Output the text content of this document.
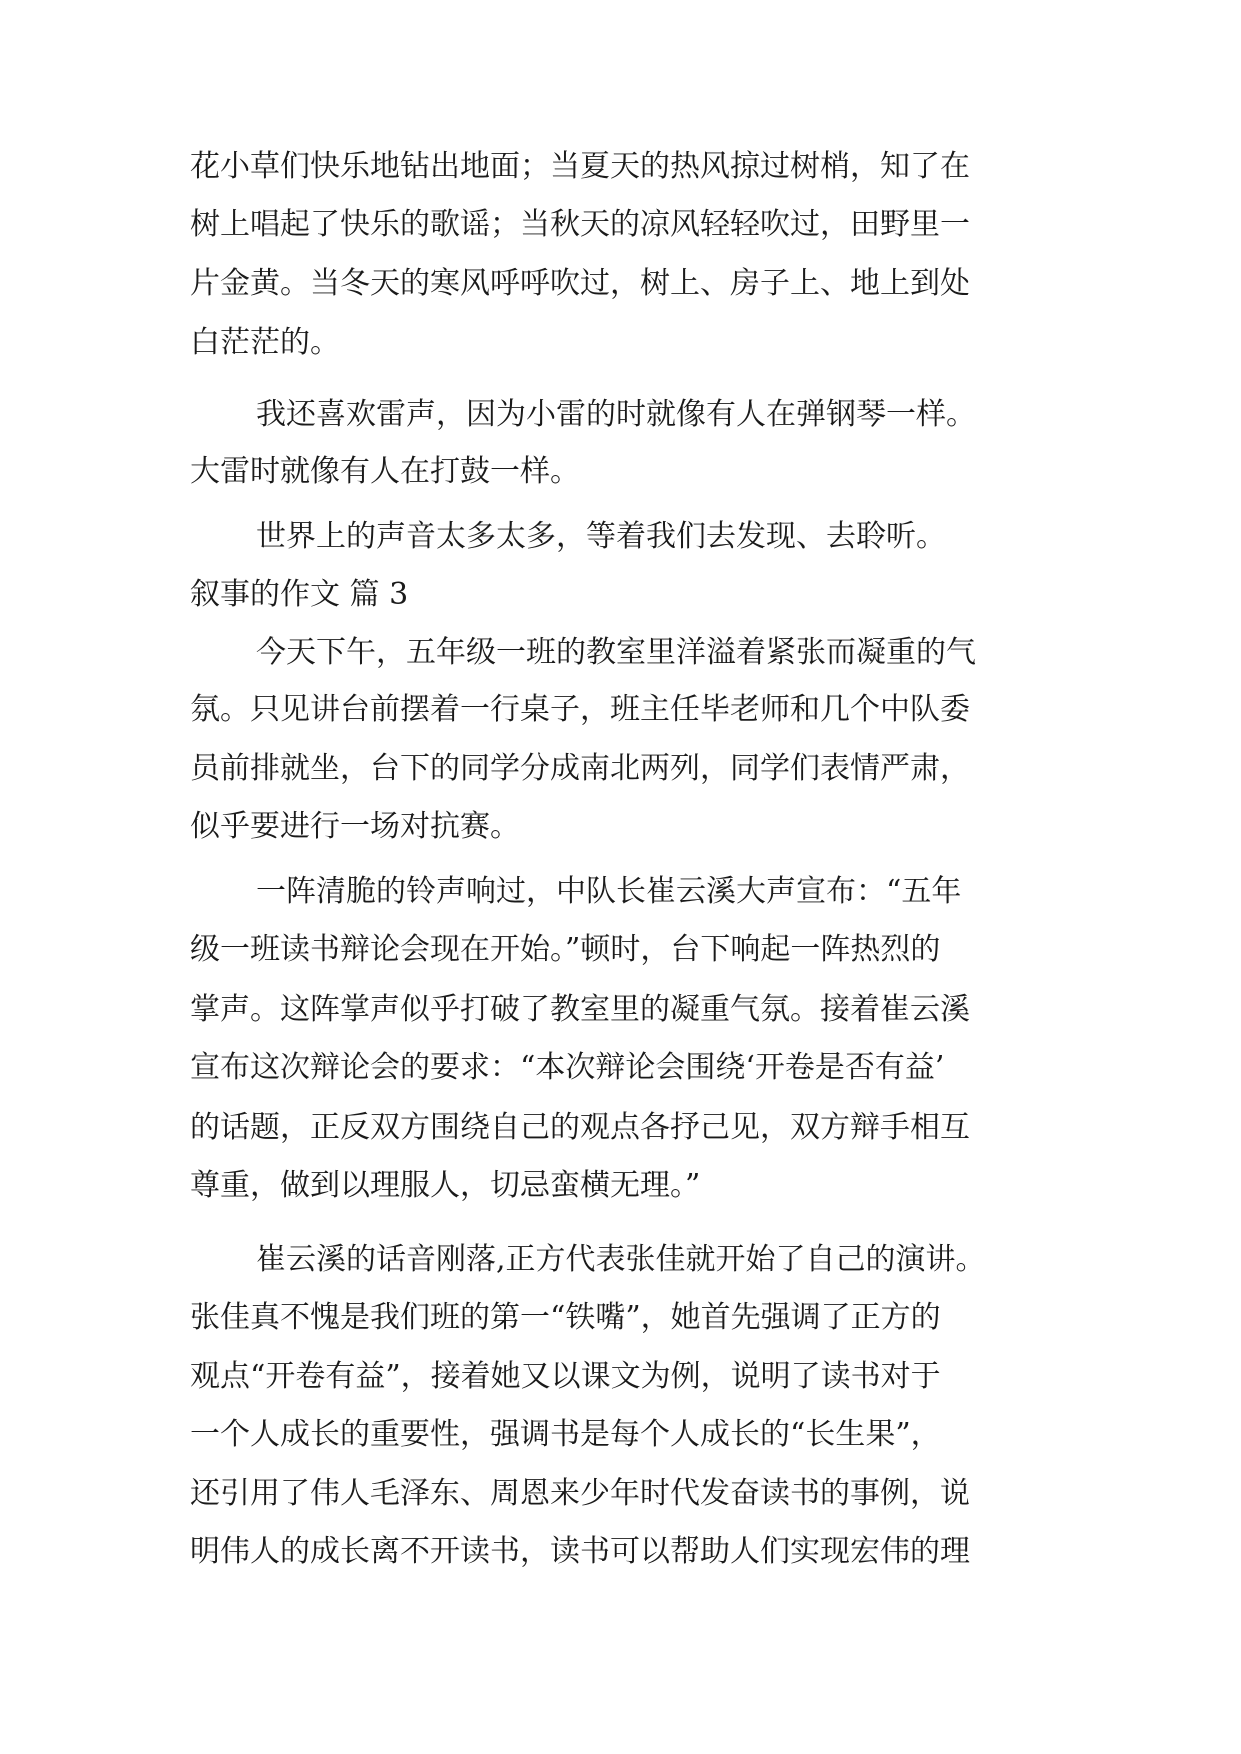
花小草们快乐地钻出地面；当夏天的热风掠过树梢，知了在

树上唱起了快乐的歌谣；当秋天的凉风轻轻吹过，田野里一

片金黄。当冬天的寒风呼呼吹过，树上、房子上、地上到处

白茫茫的。

我还喜欢雷声，因为小雷的时就像有人在弹钢琴一样。

大雷时就像有人在打鼓一样。

世界上的声音太多太多，等着我们去发现、去聆听。

叙事的作文 篇 3

今天下午，五年级一班的教室里洋溢着紧张而凝重的气

氛。只见讲台前摆着一行桌子，班主任毕老师和几个中队委

员前排就坐，台下的同学分成南北两列，同学们表情严肃，

似乎要进行一场对抗赛。

一阵清脆的铃声响过，中队长崔云溪大声宣布：“五年

级一班读书辩论会现在开始。”顿时，台下响起一阵热烈的

掌声。这阵掌声似乎打破了教室里的凝重气氛。接着崔云溪

宣布这次辩论会的要求：“本次辩论会围绕‘开卷是否有益’

的话题，正反双方围绕自己的观点各抒己见，双方辩手相互

尊重，做到以理服人，切忌蛮横无理。”

崔云溪的话音刚落,正方代表张佳就开始了自己的演讲。

张佳真不愧是我们班的第一“铁嘴”，她首先强调了正方的

观点“开卷有益”，接着她又以课文为例，说明了读书对于

一个人成长的重要性，强调书是每个人成长的“长生果”，

还引用了伟人毛泽东、周恩来少年时代发奋读书的事例，说

明伟人的成长离不开读书，读书可以帮助人们实现宏伟的理
